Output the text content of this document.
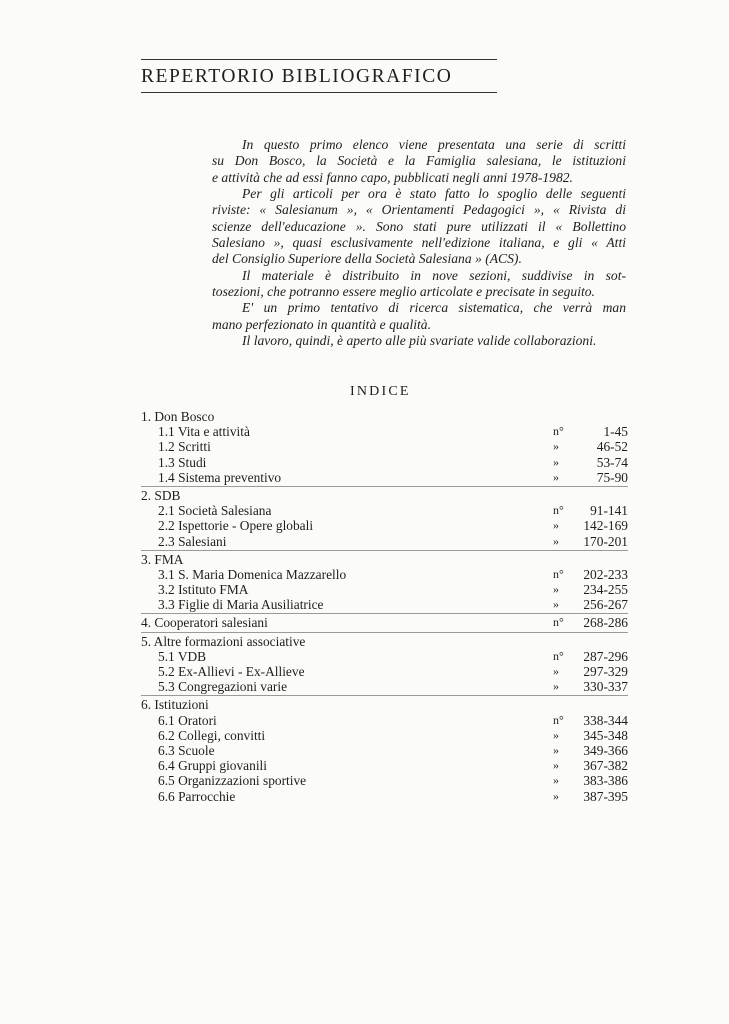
REPERTORIO BIBLIOGRAFICO
In questo primo elenco viene presentata una serie di scritti
su Don Bosco, la Società e la Famiglia salesiana, le istituzioni
e attività che ad essi fanno capo, pubblicati negli anni 1978-1982.
Per gli articoli per ora è stato fatto lo spoglio delle seguenti
riviste: « Salesianum », « Orientamenti Pedagogici », « Rivista di
scienze dell'educazione ». Sono stati pure utilizzati il « Bollettino
Salesiano », quasi esclusivamente nell'edizione italiana, e gli « Atti
del Consiglio Superiore della Società Salesiana » (ACS).
Il materiale è distribuito in nove sezioni, suddivise in sot-
tosezioni, che potranno essere meglio articolate e precisate in seguito.
E' un primo tentativo di ricerca sistematica, che verrà man
mano perfezionato in quantità e qualità.
Il lavoro, quindi, è aperto alle più svariate valide collaborazioni.
INDICE
1. Don Bosco
1.1 Vita e attività	n°	1-45
1.2 Scritti	»	46-52
1.3 Studi	»	53-74
1.4 Sistema preventivo	»	75-90
2. SDB
2.1 Società Salesiana	n° 91-141
2.2 Ispettorie - Opere globali	» 142-169
2.3 Salesiani	» 170-201
3. FMA
3.1 S. Maria Domenica Mazzarello	n° 202-233
3.2 Istituto FMA	» 234-255
3.3 Figlie di Maria Ausiliatrice	» 256-267
4. Cooperatori salesiani	n° 268-286
5. Altre formazioni associative
5.1 VDB	n° 287-296
5.2 Ex-Allievi - Ex-Allieve	» 297-329
5.3 Congregazioni varie	» 330-337
6. Istituzioni
6.1 Oratori	n° 338-344
6.2 Collegi, convitti	» 345-348
6.3 Scuole	» 349-366
6.4 Gruppi giovanili	» 367-382
6.5 Organizzazioni sportive	» 383-386
6.6 Parrocchie	» 387-395
